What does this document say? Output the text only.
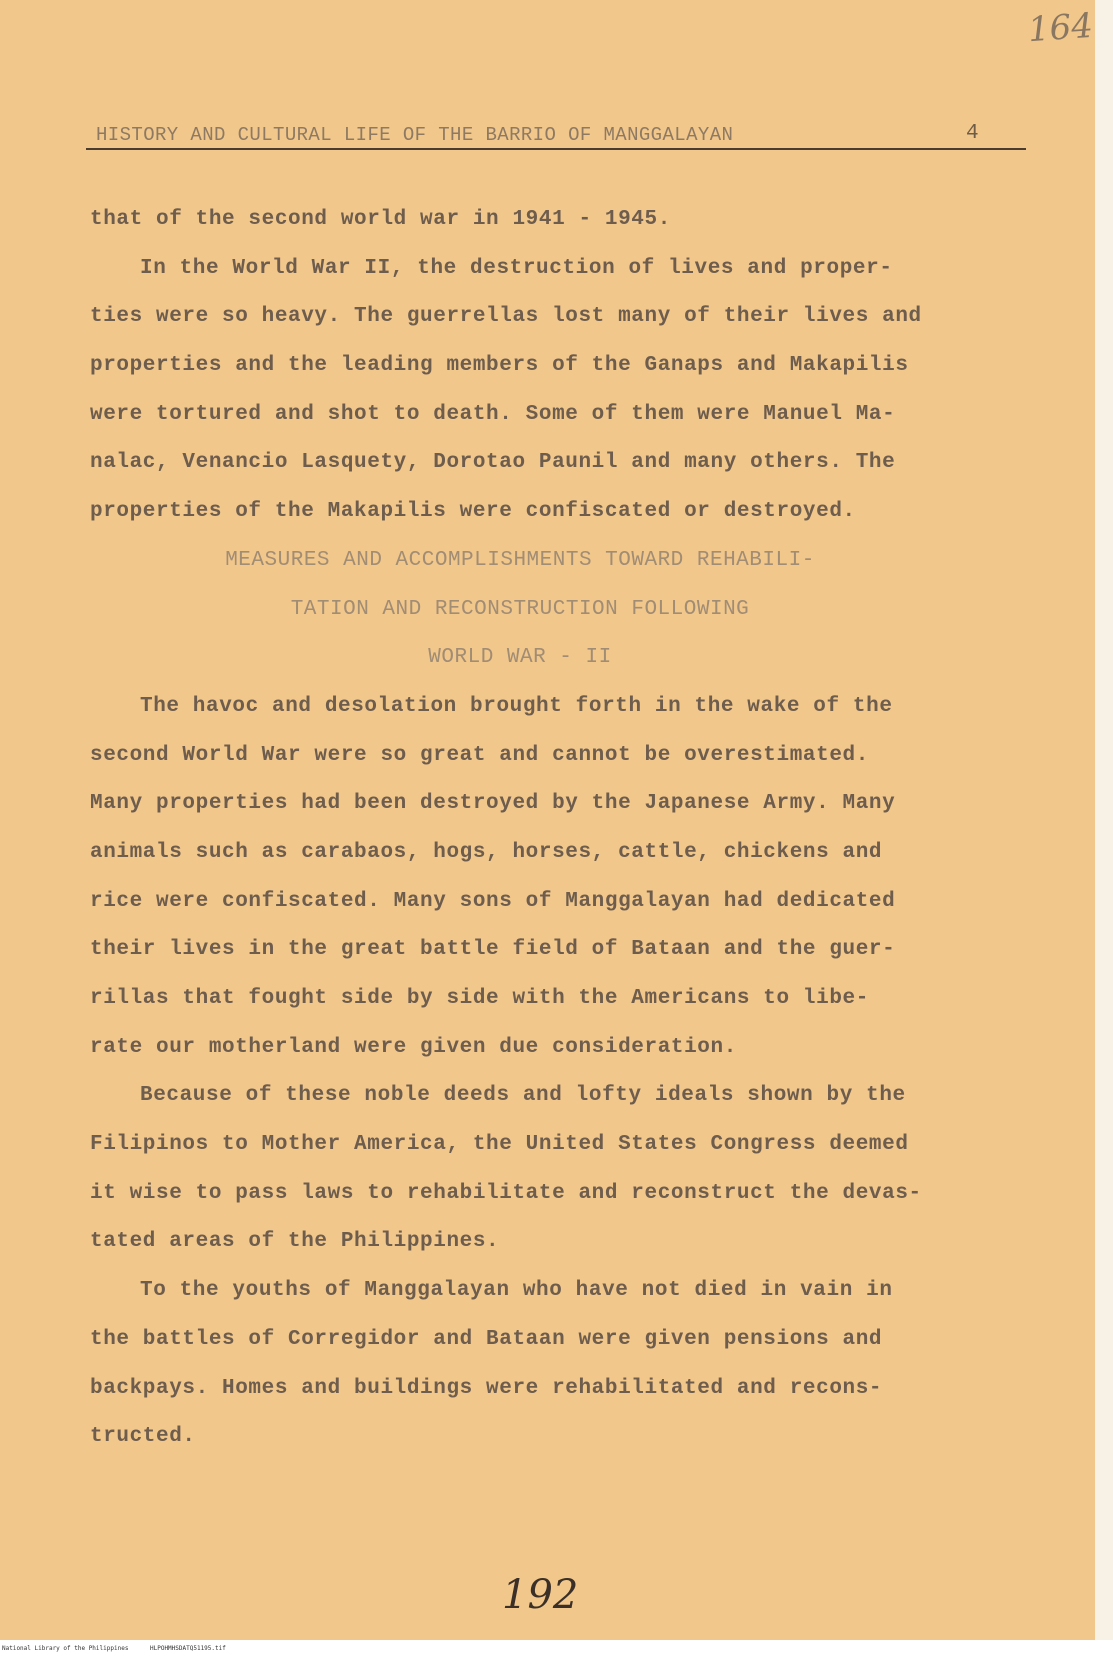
164
HISTORY AND CULTURAL LIFE OF THE BARRIO OF MANGGALAYAN	4
that of the second world war in 1941 - 1945.
In the World War II, the destruction of lives and proper-
ties were so heavy. The guerrellas lost many of their lives and
properties and the leading members of the Ganaps and Makapilis
were tortured and shot to death. Some of them were Manuel Ma-
nalac, Venancio Lasquety, Dorotao Paunil and many others. The
properties of the Makapilis were confiscated or destroyed.
MEASURES AND ACCOMPLISHMENTS TOWARD REHABILI-
TATION AND RECONSTRUCTION FOLLOWING
WORLD WAR - II
The havoc and desolation brought forth in the wake of the
second World War were so great and cannot be overestimated.
Many properties had been destroyed by the Japanese Army. Many
animals such as carabaos, hogs, horses, cattle, chickens and
rice were confiscated. Many sons of Manggalayan had dedicated
their lives in the great battle field of Bataan and the guer-
rillas that fought side by side with the Americans to libe-
rate our motherland were given due consideration.
Because of these noble deeds and lofty ideals shown by the
Filipinos to Mother America, the United States Congress deemed
it wise to pass laws to rehabilitate and reconstruct the devas-
tated areas of the Philippines.
To the youths of Manggalayan who have not died in vain in
the battles of Corregidor and Bataan were given pensions and
backpays. Homes and buildings were rehabilitated and recons-
tructed.
192
National Library of the Philippines	HLPOHMHSDATQ51195.tif
